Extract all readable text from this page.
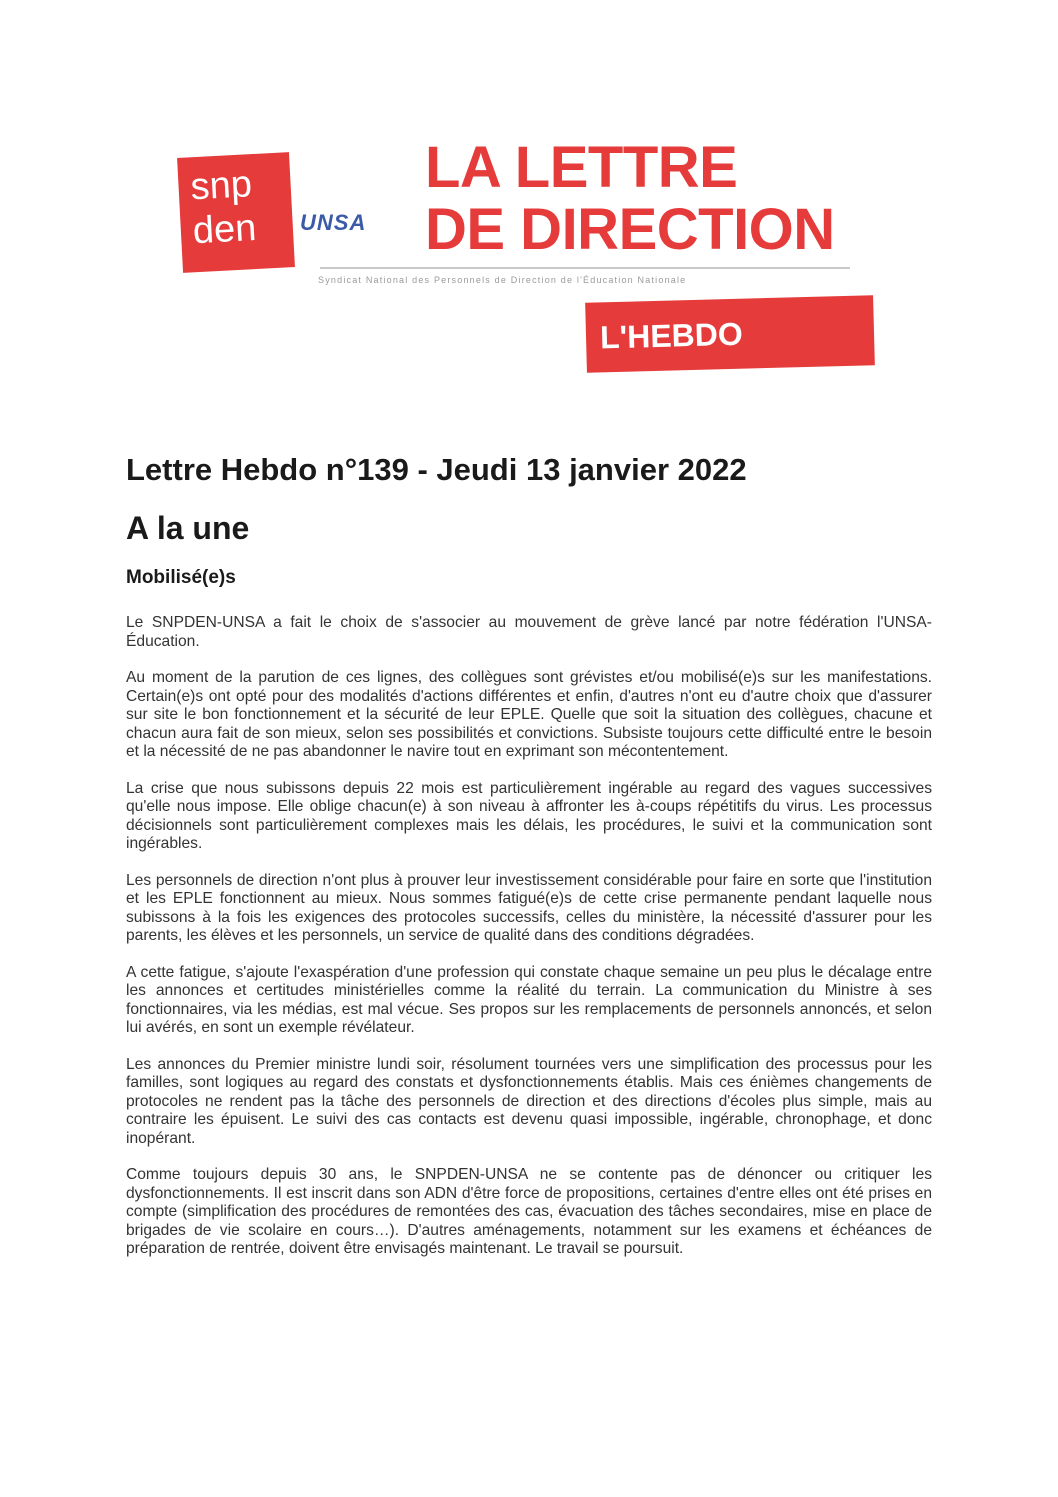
snp
den	UNSA
LA LETTRE
DE DIRECTION
Syndicat National des Personnels de Direction de l'Éducation Nationale
L'HEBDO
Lettre Hebdo n°139 - Jeudi 13 janvier 2022
A la une
Mobilisé(e)s

Le SNPDEN-UNSA a fait le choix de s'associer au mouvement de grève lancé par notre fédération l'UNSA-Éducation.

Au moment de la parution de ces lignes, des collègues sont grévistes et/ou mobilisé(e)s sur les manifestations. Certain(e)s ont opté pour des modalités d'actions différentes et enfin, d'autres n'ont eu d'autre choix que d'assurer sur site le bon fonctionnement et la sécurité de leur EPLE. Quelle que soit la situation des collègues, chacune et chacun aura fait de son mieux, selon ses possibilités et convictions. Subsiste toujours cette difficulté entre le besoin et la nécessité de ne pas abandonner le navire tout en exprimant son mécontentement.

La crise que nous subissons depuis 22 mois est particulièrement ingérable au regard des vagues successives qu'elle nous impose. Elle oblige chacun(e) à son niveau à affronter les à-coups répétitifs du virus. Les processus décisionnels sont particulièrement complexes mais les délais, les procédures, le suivi et la communication sont ingérables.

Les personnels de direction n'ont plus à prouver leur investissement considérable pour faire en sorte que l'institution et les EPLE fonctionnent au mieux. Nous sommes fatigué(e)s de cette crise permanente pendant laquelle nous subissons à la fois les exigences des protocoles successifs, celles du ministère, la nécessité d'assurer pour les parents, les élèves et les personnels, un service de qualité dans des conditions dégradées.

A cette fatigue, s'ajoute l'exaspération d'une profession qui constate chaque semaine un peu plus le décalage entre les annonces et certitudes ministérielles comme la réalité du terrain. La communication du Ministre à ses fonctionnaires, via les médias, est mal vécue. Ses propos sur les remplacements de personnels annoncés, et selon lui avérés, en sont un exemple révélateur.

Les annonces du Premier ministre lundi soir, résolument tournées vers une simplification des processus pour les familles, sont logiques au regard des constats et dysfonctionnements établis. Mais ces énièmes changements de protocoles ne rendent pas la tâche des personnels de direction et des directions d'écoles plus simple, mais au contraire les épuisent. Le suivi des cas contacts est devenu quasi impossible, ingérable, chronophage, et donc inopérant.

Comme toujours depuis 30 ans, le SNPDEN-UNSA ne se contente pas de dénoncer ou critiquer les dysfonctionnements. Il est inscrit dans son ADN d'être force de propositions, certaines d'entre elles ont été prises en compte (simplification des procédures de remontées des cas, évacuation des tâches secondaires, mise en place de brigades de vie scolaire en cours…). D'autres aménagements, notamment sur les examens et échéances de préparation de rentrée, doivent être envisagés maintenant. Le travail se poursuit.
